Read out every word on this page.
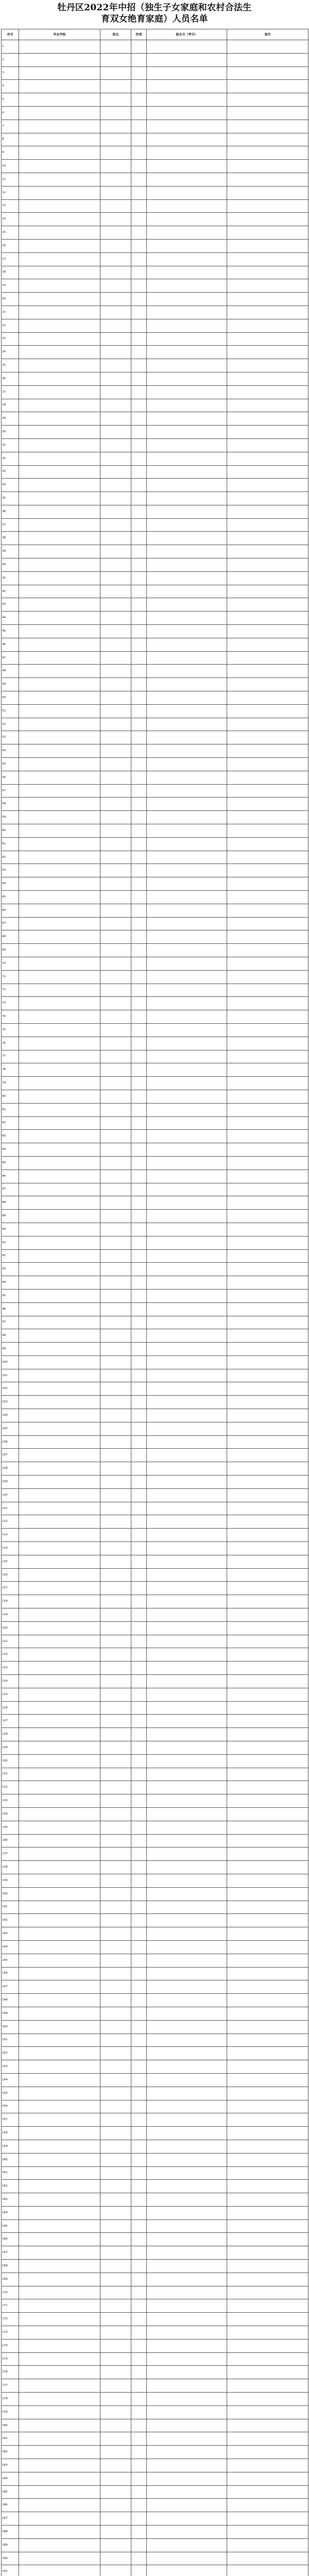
牡丹区2022年中招（独生子女家庭和农村合法生
育双女绝育家庭）人员名单
序号	毕业学校	姓名	性别	报名号（考号）	备注
1					
2					
3					
4					
5					
6					
7					
8					
9					
10					
11					
12					
13					
14					
15					
16					
17					
18					
19					
20					
21					
22					
23					
24					
25					
26					
27					
28					
29					
30					
31					
32					
33					
34					
35					
36					
37					
38					
39					
40					
41					
42					
43					
44					
45					
46					
47					
48					
49					
50					
51					
52					
53					
54					
55					
56					
57					
58					
59					
60					
61					
62					
63					
64					
65					
66					
67					
68					
69					
70					
71					
72					
73					
74					
75					
76					
77					
78					
79					
80					
81					
82					
83					
84					
85					
86					
87					
88					
89					
90					
91					
92					
93					
94					
95					
96					
97					
98					
99					
100					
101					
102					
103					
104					
105					
106					
107					
108					
109					
110					
111					
112					
113					
114					
115					
116					
117					
118					
119					
120					
121					
122					
123					
124					
125					
126					
127					
128					
129					
130					
131					
132					
133					
134					
135					
136					
137					
138					
139					
140					
141					
142					
143					
144					
145					
146					
147					
148					
149					
150					
151					
152					
153					
154					
155					
156					
157					
158					
159					
160					
161					
162					
163					
164					
165					
166					
167					
168					
169					
170					
171					
172					
173					
174					
175					
176					
177					
178					
179					
180					
181					
182					
183					
184					
185					
186					
187					
188					
189					
190					
191					
